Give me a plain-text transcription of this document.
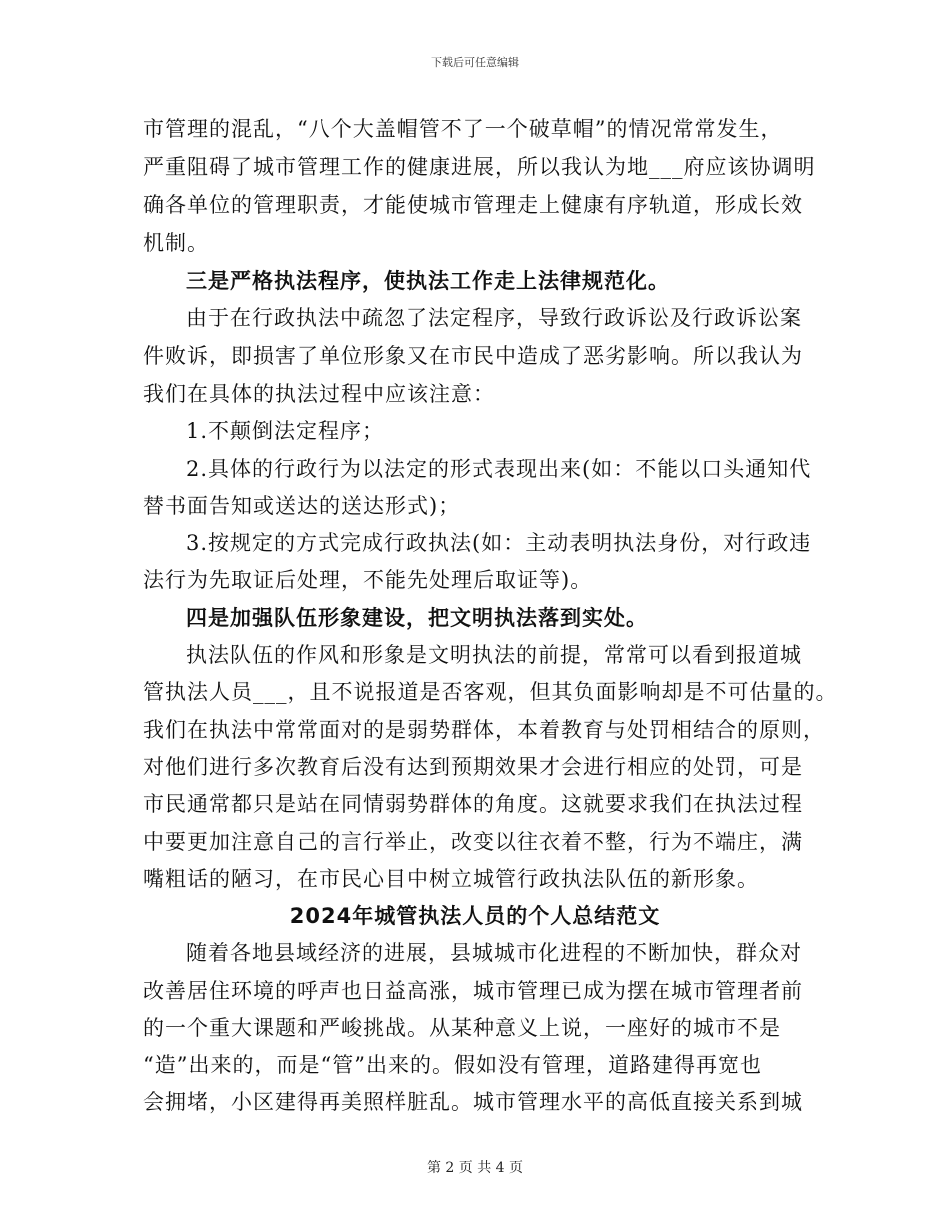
下载后可任意编辑
市管理的混乱，“八个大盖帽管不了一个破草帽”的情况常常发生，
严重阻碍了城市管理工作的健康进展，所以我认为地___府应该协调明
确各单位的管理职责，才能使城市管理走上健康有序轨道，形成长效
机制。
三是严格执法程序，使执法工作走上法律规范化。
由于在行政执法中疏忽了法定程序，导致行政诉讼及行政诉讼案
件败诉，即损害了单位形象又在市民中造成了恶劣影响。所以我认为
我们在具体的执法过程中应该注意：
1.不颠倒法定程序；
2.具体的行政行为以法定的形式表现出来(如：不能以口头通知代
替书面告知或送达的送达形式)；
3.按规定的方式完成行政执法(如：主动表明执法身份，对行政违
法行为先取证后处理，不能先处理后取证等)。
四是加强队伍形象建设，把文明执法落到实处。
执法队伍的作风和形象是文明执法的前提，常常可以看到报道城
管执法人员___，且不说报道是否客观，但其负面影响却是不可估量的。
我们在执法中常常面对的是弱势群体，本着教育与处罚相结合的原则，
对他们进行多次教育后没有达到预期效果才会进行相应的处罚，可是
市民通常都只是站在同情弱势群体的角度。这就要求我们在执法过程
中要更加注意自己的言行举止，改变以往衣着不整，行为不端庄，满
嘴粗话的陋习，在市民心目中树立城管行政执法队伍的新形象。
2024年城管执法人员的个人总结范文
随着各地县域经济的进展，县城城市化进程的不断加快，群众对
改善居住环境的呼声也日益高涨，城市管理已成为摆在城市管理者前
的一个重大课题和严峻挑战。从某种意义上说，一座好的城市不是
“造”出来的，而是“管”出来的。假如没有管理，道路建得再宽也
会拥堵，小区建得再美照样脏乱。城市管理水平的高低直接关系到城
第 2 页 共 4 页
